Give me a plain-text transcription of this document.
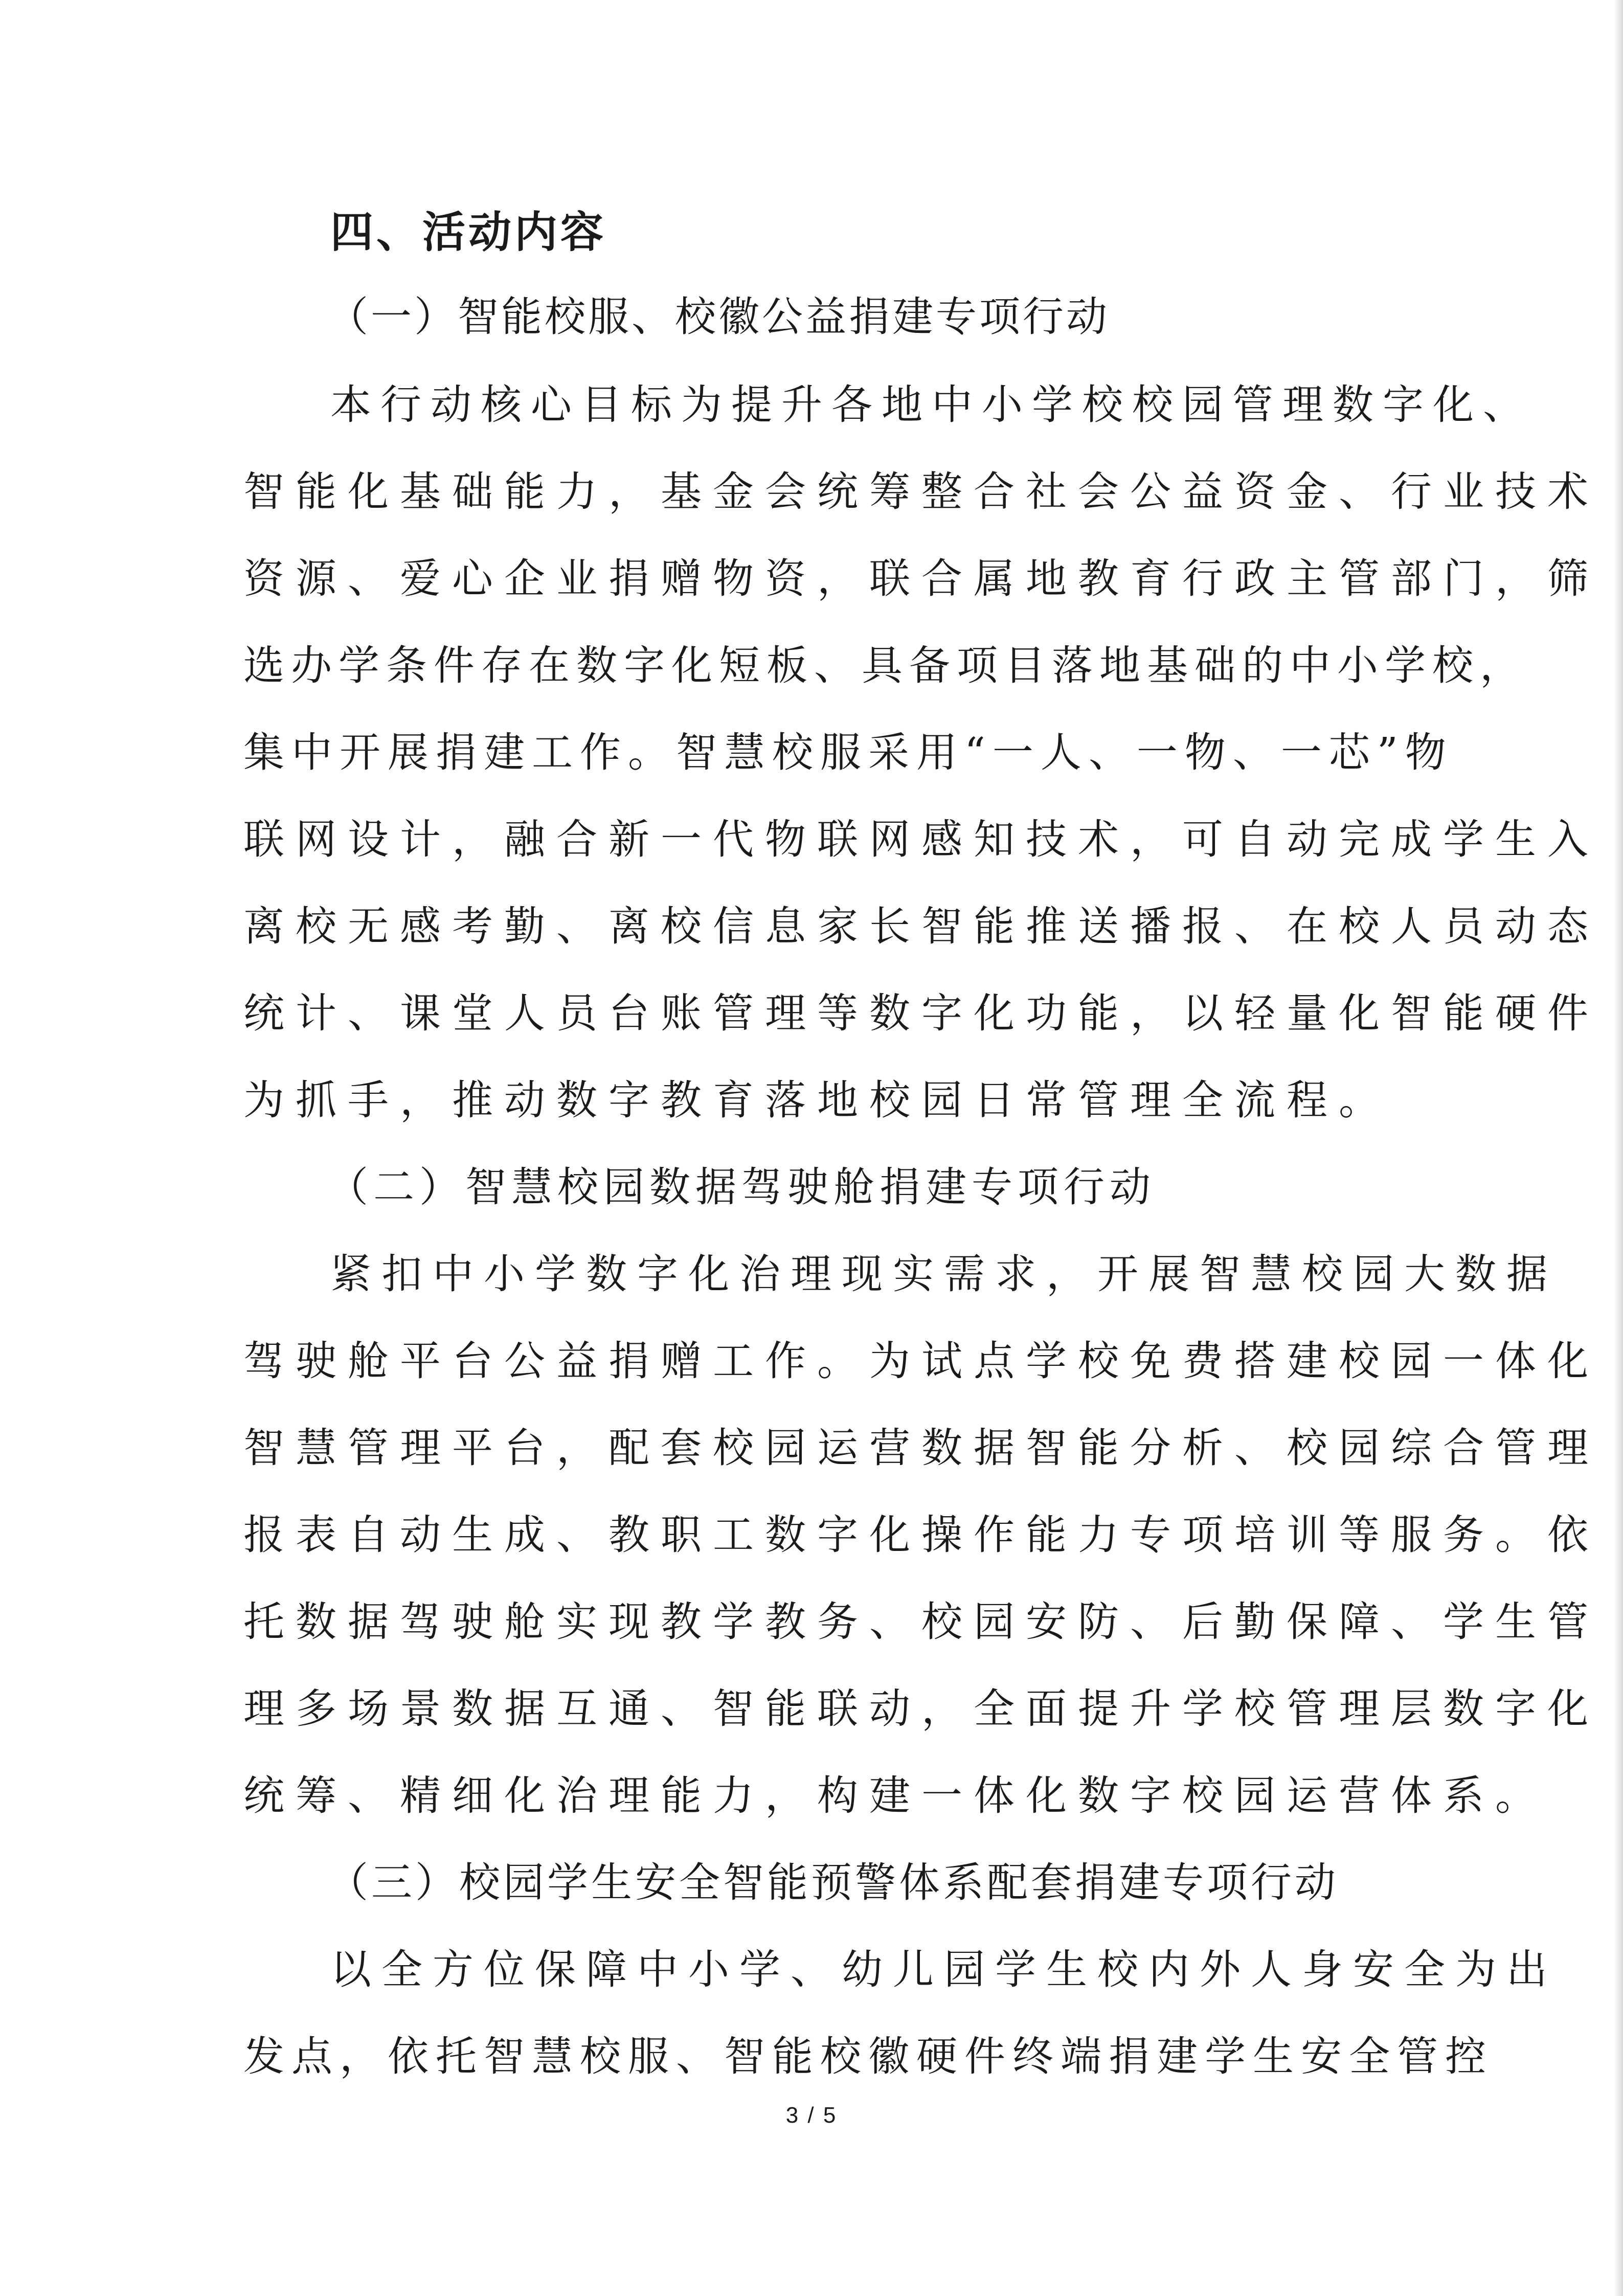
四、活动内容
（一）智能校服、校徽公益捐建专项行动
本行动核心目标为提升各地中小学校校园管理数字化、
智能化基础能力，基金会统筹整合社会公益资金、行业技术
资源、爱心企业捐赠物资，联合属地教育行政主管部门，筛
选办学条件存在数字化短板、具备项目落地基础的中小学校，
集中开展捐建工作。智慧校服采用“一人、一物、一芯”物
联网设计，融合新一代物联网感知技术，可自动完成学生入
离校无感考勤、离校信息家长智能推送播报、在校人员动态
统计、课堂人员台账管理等数字化功能，以轻量化智能硬件
为抓手，推动数字教育落地校园日常管理全流程。
（二）智慧校园数据驾驶舱捐建专项行动
紧扣中小学数字化治理现实需求，开展智慧校园大数据
驾驶舱平台公益捐赠工作。为试点学校免费搭建校园一体化
智慧管理平台，配套校园运营数据智能分析、校园综合管理
报表自动生成、教职工数字化操作能力专项培训等服务。依
托数据驾驶舱实现教学教务、校园安防、后勤保障、学生管
理多场景数据互通、智能联动，全面提升学校管理层数字化
统筹、精细化治理能力，构建一体化数字校园运营体系。
（三）校园学生安全智能预警体系配套捐建专项行动
以全方位保障中小学、幼儿园学生校内外人身安全为出
发点，依托智慧校服、智能校徽硬件终端捐建学生安全管控
3 / 5
